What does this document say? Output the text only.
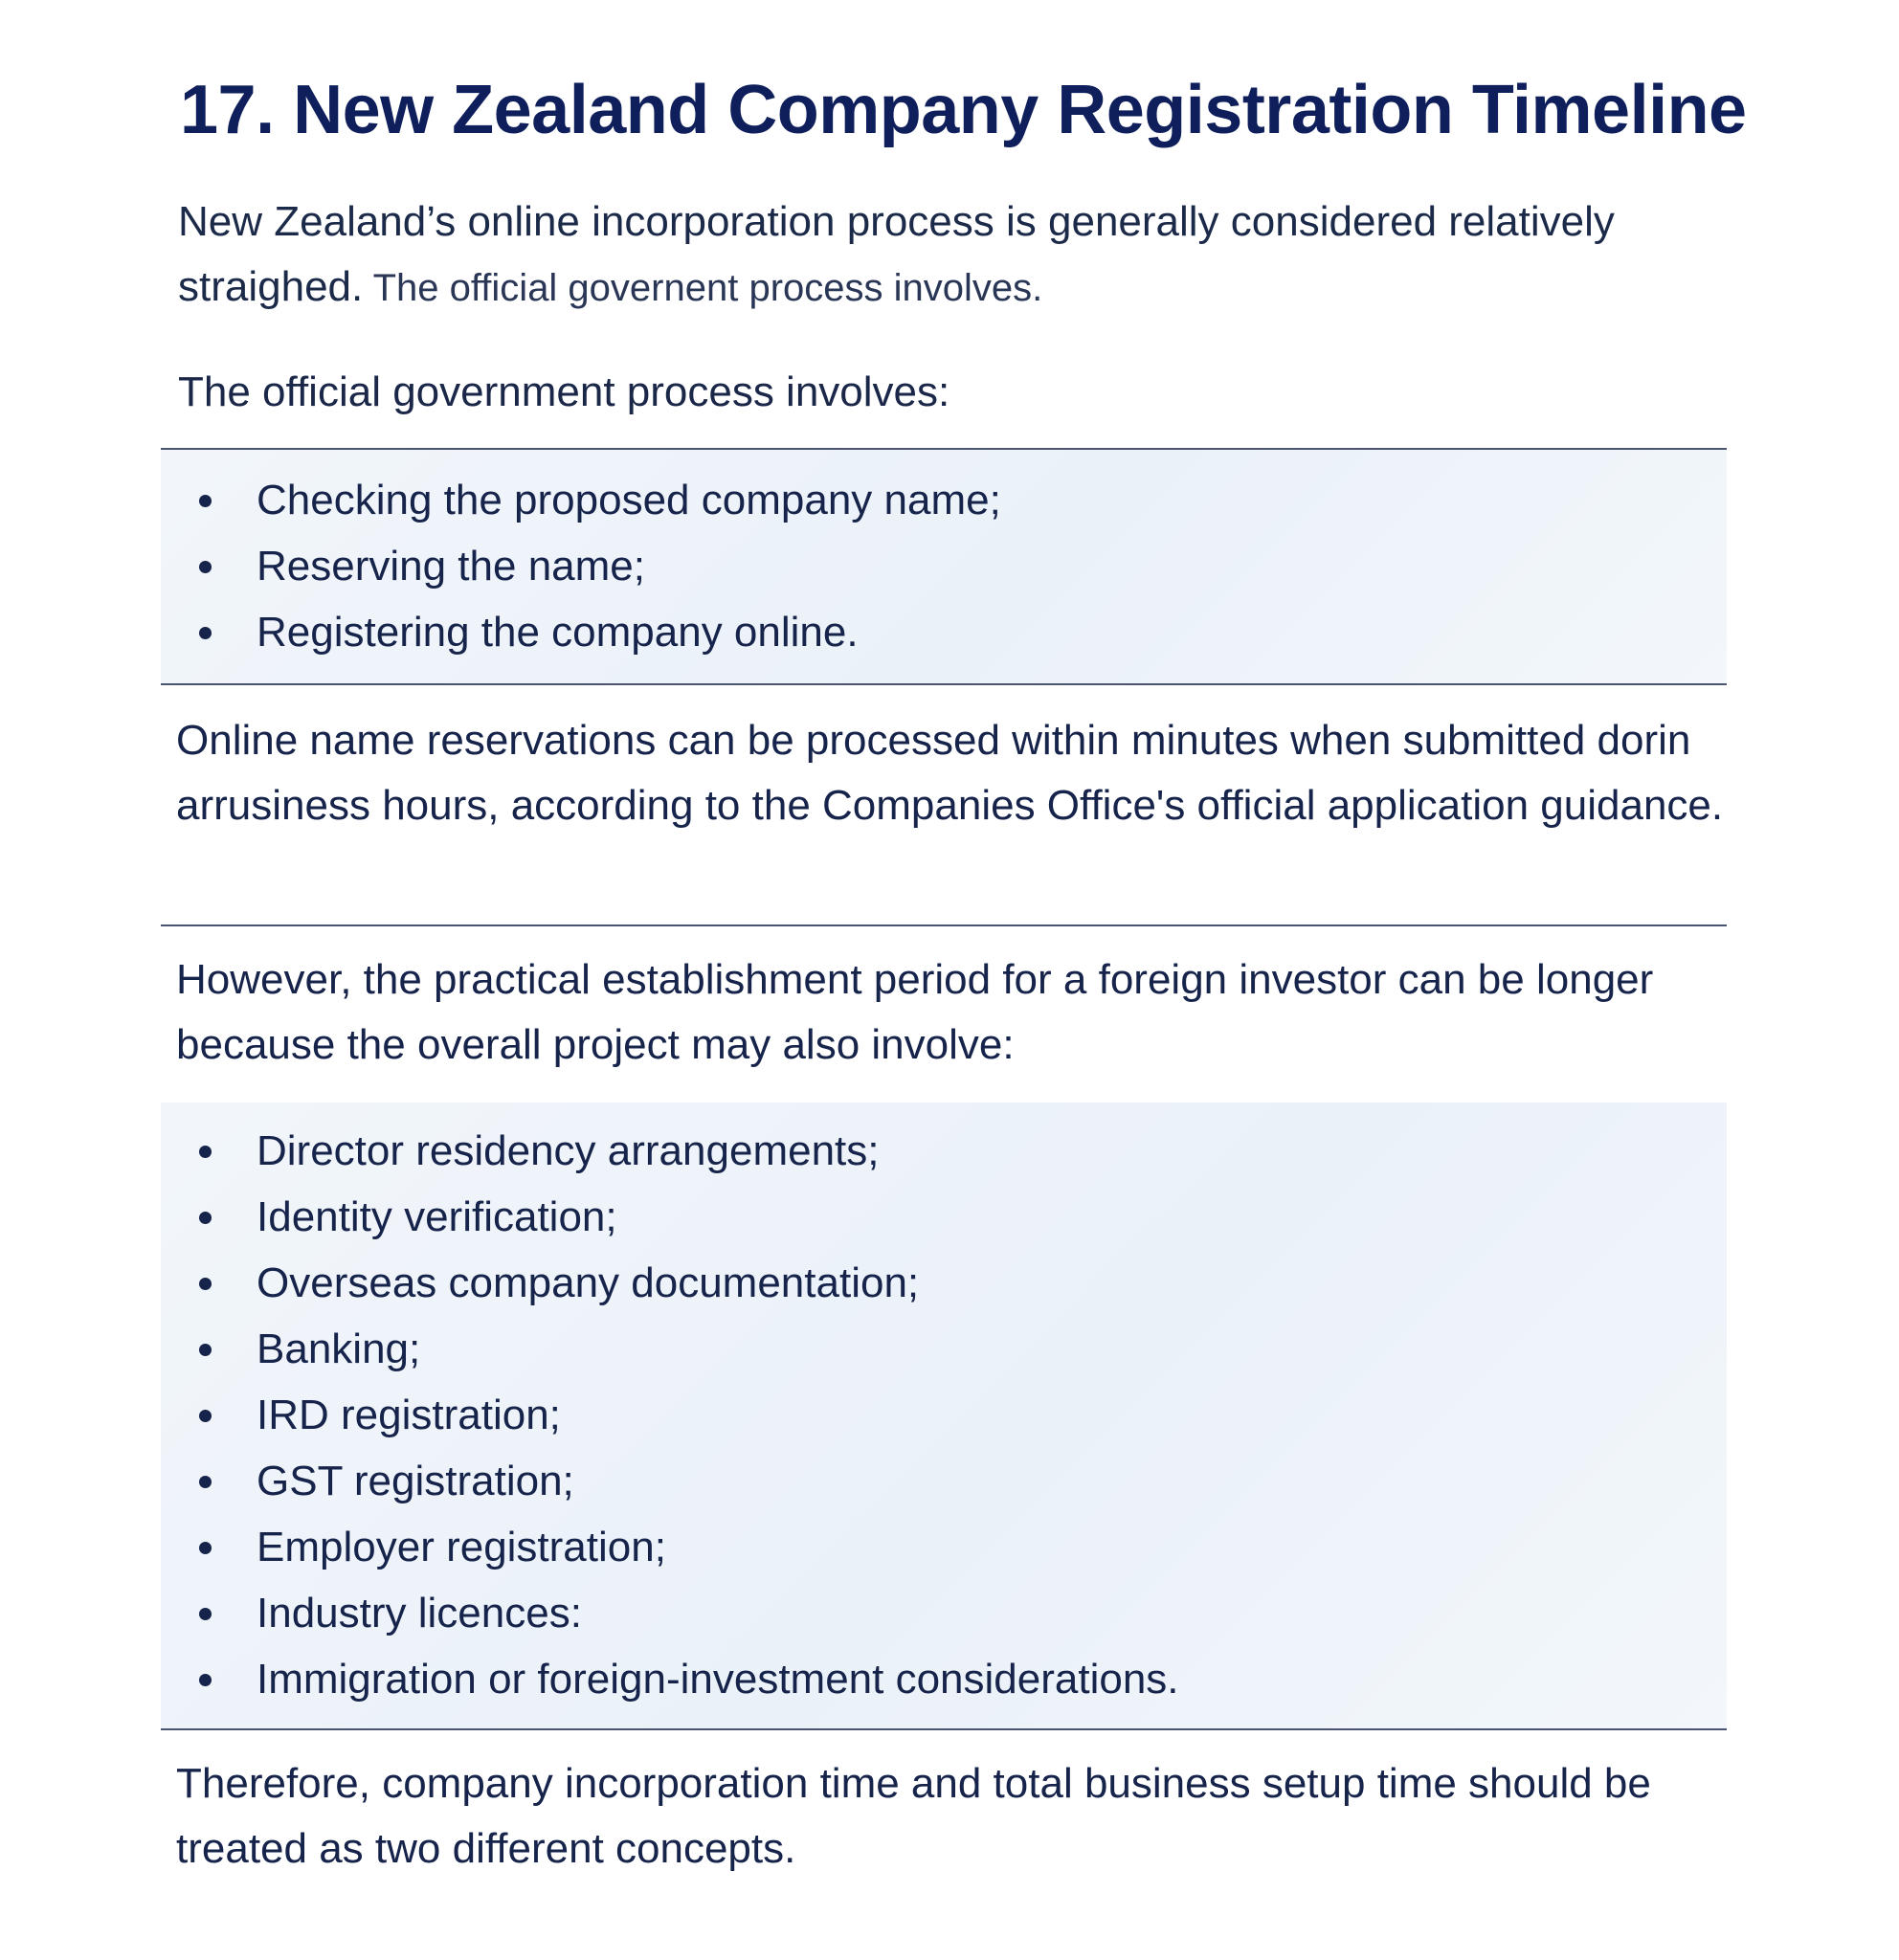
17. New Zealand Company Registration Timeline

New Zealand’s online incorporation process is generally considered relatively straighed. The official governent process involves.

The official government process involves:

Checking the proposed company name;
Reserving the name;
Registering the company online.

Online name reservations can be processed within minutes when submitted dorin arrusiness hours, according to the Companies Office's official application guidance.

However, the practical establishment period for a foreign investor can be longer because the overall project may also involve:

Director residency arrangements;
Identity verification;
Overseas company documentation;
Banking;
IRD registration;
GST registration;
Employer registration;
Industry licences:
Immigration or foreign-investment considerations.

Therefore, company incorporation time and total business setup time should be treated as two different concepts.
